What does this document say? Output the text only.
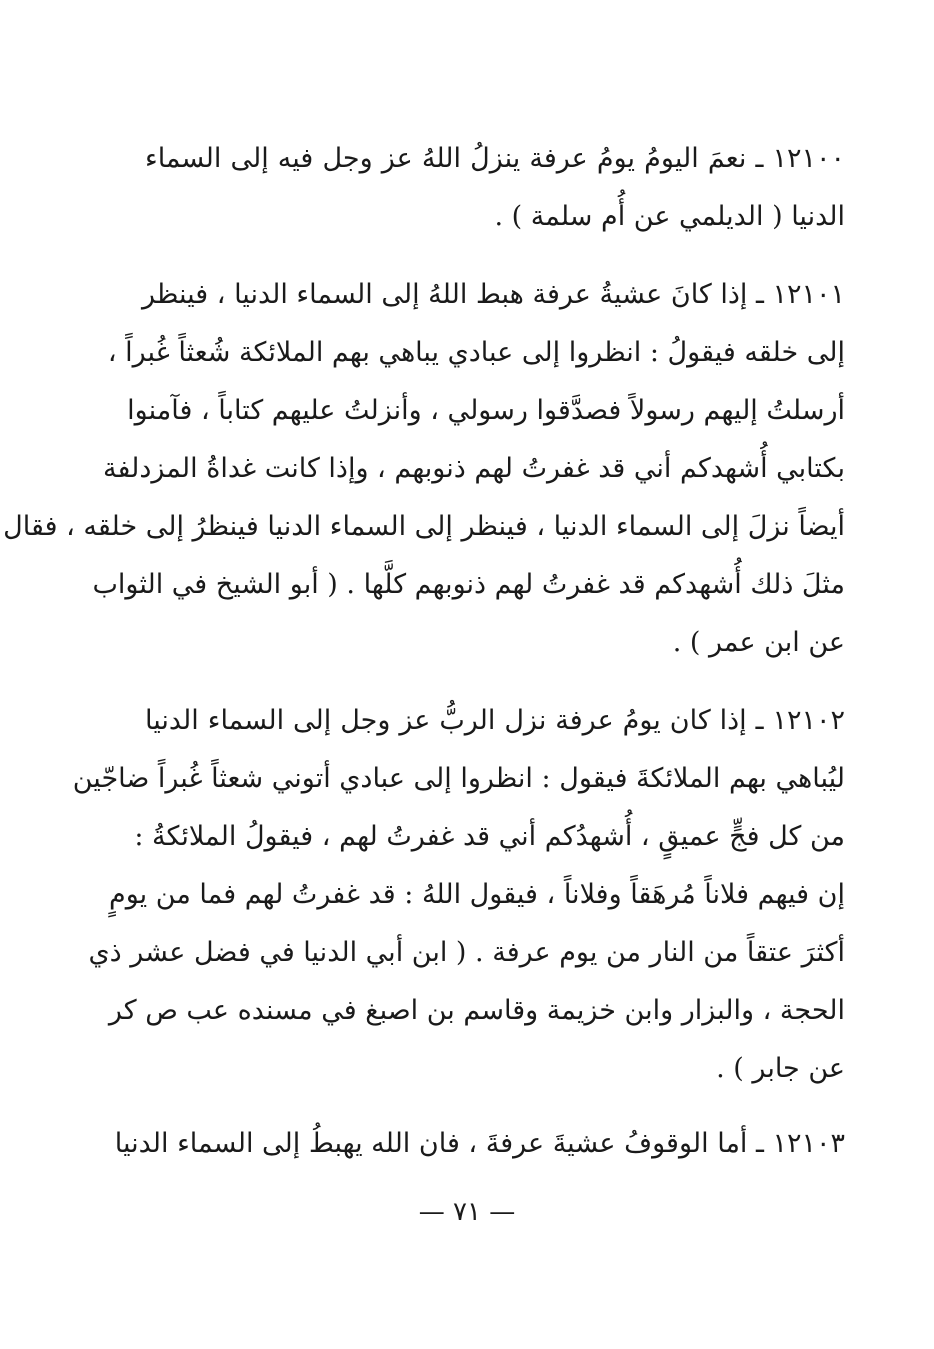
١٢١٠٠ ـ نعمَ اليومُ يومُ عرفة ينزلُ اللهُ عز وجل فيه إلى السماء
الدنيا ( الديلمي عن أُم سلمة ) .
١٢١٠١ ـ إذا كانَ عشيةُ عرفة هبط اللهُ إلى السماء الدنيا ، فينظر
إلى خلقه فيقولُ : انظروا إلى عبادي يباهي بهم الملائكة شُعثاً غُبراً ،
أرسلتُ إليهم رسولاً فصدَّقوا رسولي ، وأنزلتُ عليهم كتاباً ، فآمنوا
بكتابي أُشهدكم أني قد غفرتُ لهم ذنوبهم ، وإذا كانت غداةُ المزدلفة
أيضاً نزلَ إلى السماء الدنيا ، فينظر إلى السماء الدنيا فينظرُ إلى خلقه ، فقال
مثلَ ذلك أُشهدكم قد غفرتُ لهم ذنوبهم كلَّها . ( أبو الشيخ في الثواب
عن ابن عمر ) .
١٢١٠٢ ـ إذا كان يومُ عرفة نزل الربُّ عز وجل إلى السماء الدنيا
ليُباهي بهم الملائكةَ فيقول : انظروا إلى عبادي أتوني شعثاً غُبراً ضاجّين
من كل فجٍّ عميقٍ ، أُشهدُكم أني قد غفرتُ لهم ، فيقولُ الملائكةُ :
إن فيهم فلاناً مُرهَقاً وفلاناً ، فيقول اللهُ : قد غفرتُ لهم فما من يومٍ
أكثرَ عتقاً من النار من يوم عرفة . ( ابن أبي الدنيا في فضل عشر ذي
الحجة ، والبزار وابن خزيمة وقاسم بن اصبغ في مسنده عب ص كر
عن جابر ) .
١٢١٠٣ ـ أما الوقوفُ عشيةَ عرفةَ ، فان الله يهبطُ إلى السماء الدنيا
— ٧١ —
